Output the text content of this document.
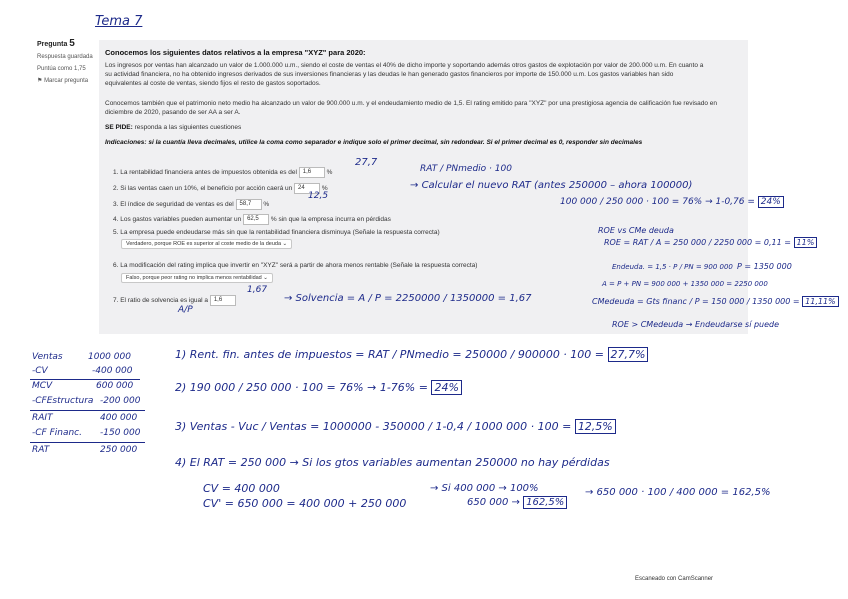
Tema 7
Pregunta 5
Respuesta guardada
Puntúa como 1,75
⚑ Marcar pregunta
Conocemos los siguientes datos relativos a la empresa "XYZ" para 2020:
Los ingresos por ventas han alcanzado un valor de 1.000.000 u.m., siendo el coste de ventas el 40% de dicho importe y soportando además otros gastos de explotación por valor de 200.000 u.m. En cuanto a su actividad financiera, no ha obtenido ingresos derivados de sus inversiones financieras y las deudas le han generado gastos financieros por importe de 150.000 u.m. Los gastos variables han sido equivalentes al coste de ventas, siendo fijos el resto de gastos soportados.
Conocemos también que el patrimonio neto medio ha alcanzado un valor de 900.000 u.m. y el endeudamiento medio de 1,5. El rating emitido para "XYZ" por una prestigiosa agencia de calificación fue revisado en diciembre de 2020, pasando de ser AA a ser A.
SE PIDE: responda a las siguientes cuestiones
Indicaciones: si la cuantía lleva decimales, utilice la coma como separador e indique solo el primer decimal, sin redondear. Si el primer decimal es 0, responder sin decimales
1. La rentabilidad financiera antes de impuestos obtenida es del 1,6 %
2. Si las ventas caen un 10%, el beneficio por acción caerá un 24	%
3. El índice de seguridad de ventas es del 58,7 %
4. Los gastos variables pueden aumentar un 62,5 % sin que la empresa incurra en pérdidas
5. La empresa puede endeudarse más sin que la rentabilidad financiera disminuya (Señale la respuesta correcta)
Verdadero, porque ROE es superior al coste medio de la deuda ⌄
6. La modificación del rating implica que invertir en "XYZ" será a partir de ahora menos rentable (Señale la respuesta correcta)
Falso, porque peor rating no implica menos rentabilidad ⌄
7. El ratio de solvencia es igual a 1,6
27,7
RAT / PNmedio · 100
→ Calcular el nuevo RAT (antes 250000 – ahora 100000)
100 000 / 250 000 · 100 = 76% → 1-0,76 = 24%
12,5
ROE vs CMe deuda
ROE = RAT / A = 250 000 / 2250 000 = 0,11 = 11%
Endeuda. = 1,5 · P / PN = 900 000 P = 1350 000
A = P + PN = 900 000 + 1350 000 = 2250 000
CMedeuda = Gts financ / P = 150 000 / 1350 000 = 11,11%
ROE > CMedeuda → Endeudarse sí puede
1,67
A/P
→ Solvencia = A / P = 2250000 / 1350000 = 1,67
Ventas	1000 000
-CV	-400 000
MCV	600 000
-CFEstructura -200 000
RAIT	400 000
-CF Financ. -150 000
RAT	250 000
1) Rent. fin. antes de impuestos = RAT / PNmedio = 250000 / 900000 · 100 = 27,7%
2) 190 000 / 250 000 · 100 = 76% → 1-76% = 24%
3) Ventas - Vuc / Ventas = 1000000 - 350000 / 1-0,4 / 1000 000 · 100 = 12,5%
4) El RAT = 250 000 → Si los gtos variables aumentan 250000 no hay pérdidas
CV = 400 000
CV' = 650 000 = 400 000 + 250 000
→ Si 400 000 → 100%
650 000 → 162,5%
→ 650 000 · 100 / 400 000 = 162,5%
Escaneado con CamScanner
